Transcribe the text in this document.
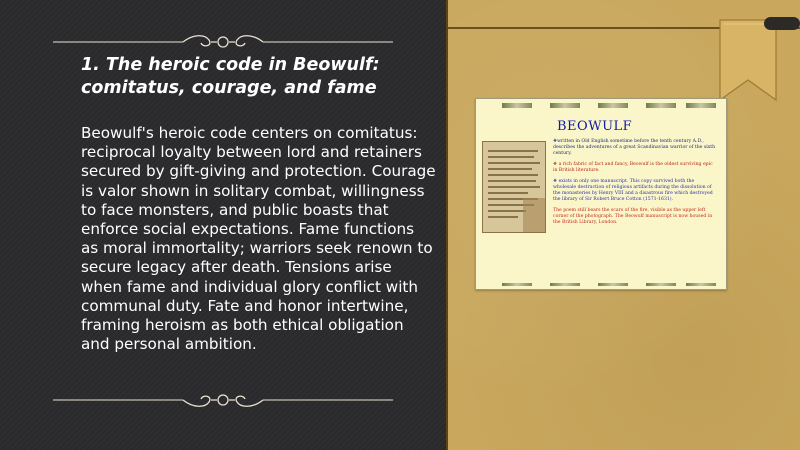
1. The heroic code in Beowulf: comitatus, courage, and fame
Beowulf's heroic code centers on comitatus: reciprocal loyalty between lord and retainers secured by gift-giving and protection. Courage is valor shown in solitary combat, willingness to face monsters, and public boasts that enforce social expectations. Fame functions as moral immortality; warriors seek renown to secure legacy after death. Tensions arise when fame and individual glory conflict with communal duty. Fate and honor intertwine, framing heroism as both ethical obligation and personal ambition.
BEOWULF
❖written in Old English sometime before the tenth century A.D., describes the adventures of a great Scandinavian warrior of the sixth century.
❖ a rich fabric of fact and fancy, Beowulf is the oldest surviving epic in British literature.
❖ exists in only one manuscript. This copy survived both the wholesale destruction of religious artifacts during the dissolution of the monasteries by Henry VIII and a disastrous fire which destroyed the library of Sir Robert Bruce Cotton (1571-1631).
The poem still bears the scars of the fire, visible as the upper left corner of the photograph. The Beowulf manuscript is now housed in the British Library, London.
